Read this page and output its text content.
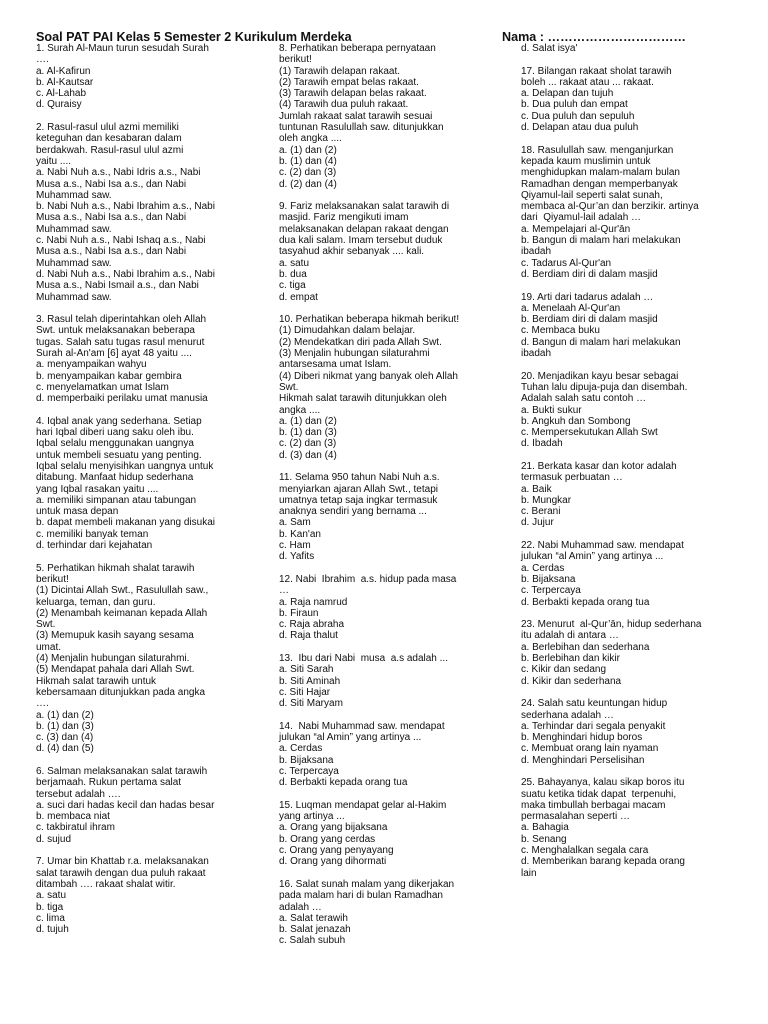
Soal PAT PAI Kelas 5 Semester 2 Kurikulum Merdeka	Nama : ……………………………
1. Surah Al-Maun turun sesudah Surah
….
a. Al-Kafirun
b. Al-Kautsar
c. Al-Lahab
d. Quraisy
2. Rasul-rasul ulul azmi memiliki
keteguhan dan kesabaran dalam
berdakwah. Rasul-rasul ulul azmi
yaitu ....
a. Nabi Nuh a.s., Nabi Idris a.s., Nabi
Musa a.s., Nabi Isa a.s., dan Nabi
Muhammad saw.
b. Nabi Nuh a.s., Nabi Ibrahim a.s., Nabi
Musa a.s., Nabi Isa a.s., dan Nabi
Muhammad saw.
c. Nabi Nuh a.s., Nabi Ishaq a.s., Nabi
Musa a.s., Nabi Isa a.s., dan Nabi
Muhammad saw.
d. Nabi Nuh a.s., Nabi Ibrahim a.s., Nabi
Musa a.s., Nabi Ismail a.s., dan Nabi
Muhammad saw.
3. Rasul telah diperintahkan oleh Allah
Swt. untuk melaksanakan beberapa
tugas. Salah satu tugas rasul menurut
Surah al-An'am [6] ayat 48 yaitu ....
a. menyampaikan wahyu
b. menyampaikan kabar gembira
c. menyelamatkan umat Islam
d. memperbaiki perilaku umat manusia
4. Iqbal anak yang sederhana. Setiap
hari Iqbal diberi uang saku oleh ibu.
Iqbal selalu menggunakan uangnya
untuk membeli sesuatu yang penting.
Iqbal selalu menyisihkan uangnya untuk
ditabung. Manfaat hidup sederhana
yang Iqbal rasakan yaitu ....
a. memiliki simpanan atau tabungan
untuk masa depan
b. dapat membeli makanan yang disukai
c. memiliki banyak teman
d. terhindar dari kejahatan
5. Perhatikan hikmah shalat tarawih
berikut!
(1) Dicintai Allah Swt., Rasulullah saw.,
keluarga, teman, dan guru.
(2) Menambah keimanan kepada Allah
Swt.
(3) Memupuk kasih sayang sesama
umat.
(4) Menjalin hubungan silaturahmi.
(5) Mendapat pahala dari Allah Swt.
Hikmah salat tarawih untuk
kebersamaan ditunjukkan pada angka
….
a. (1) dan (2)
b. (1) dan (3)
c. (3) dan (4)
d. (4) dan (5)
6. Salman melaksanakan salat tarawih
berjamaah. Rukun pertama salat
tersebut adalah ….
a. suci dari hadas kecil dan hadas besar
b. membaca niat
c. takbiratul ihram
d. sujud
7. Umar bin Khattab r.a. melaksanakan
salat tarawih dengan dua puluh rakaat
ditambah …. rakaat shalat witir.
a. satu
b. tiga
c. lima
d. tujuh
8. Perhatikan beberapa pernyataan
berikut!
(1) Tarawih delapan rakaat.
(2) Tarawih empat belas rakaat.
(3) Tarawih delapan belas rakaat.
(4) Tarawih dua puluh rakaat.
Jumlah rakaat salat tarawih sesuai
tuntunan Rasulullah saw. ditunjukkan
oleh angka ....
a. (1) dan (2)
b. (1) dan (4)
c. (2) dan (3)
d. (2) dan (4)
9. Fariz melaksanakan salat tarawih di
masjid. Fariz mengikuti imam
melaksanakan delapan rakaat dengan
dua kali salam. Imam tersebut duduk
tasyahud akhir sebanyak .... kali.
a. satu
b. dua
c. tiga
d. empat
10. Perhatikan beberapa hikmah berikut!
(1) Dimudahkan dalam belajar.
(2) Mendekatkan diri pada Allah Swt.
(3) Menjalin hubungan silaturahmi
antarsesama umat Islam.
(4) Diberi nikmat yang banyak oleh Allah
Swt.
Hikmah salat tarawih ditunjukkan oleh
angka ....
a. (1) dan (2)
b. (1) dan (3)
c. (2) dan (3)
d. (3) dan (4)
11. Selama 950 tahun Nabi Nuh a.s.
menyiarkan ajaran Allah Swt., tetapi
umatnya tetap saja ingkar termasuk
anaknya sendiri yang bernama ...
a. Sam
b. Kan'an
c. Ham
d. Yafits
12. Nabi  Ibrahim  a.s. hidup pada masa
…
a. Raja namrud
b. Firaun
c. Raja abraha
d. Raja thalut
13.  Ibu dari Nabi  musa  a.s adalah ...
a. Siti Sarah
b. Siti Aminah
c. Siti Hajar
d. Siti Maryam
14.  Nabi Muhammad saw. mendapat
julukan “al Amin” yang artinya ...
a. Cerdas
b. Bijaksana
c. Terpercaya
d. Berbakti kepada orang tua
15. Luqman mendapat gelar al-Hakim
yang artinya ...
a. Orang yang bijaksana
b. Orang yang cerdas
c. Orang yang penyayang
d. Orang yang dihormati
16. Salat sunah malam yang dikerjakan
pada malam hari di bulan Ramadhan
adalah …
a. Salat terawih
b. Salat jenazah
c. Salah subuh
d. Salat isya'
17. Bilangan rakaat sholat tarawih
boleh ... rakaat atau ... rakaat.
a. Delapan dan tujuh
b. Dua puluh dan empat
c. Dua puluh dan sepuluh
d. Delapan atau dua puluh
18. Rasulullah saw. menganjurkan
kepada kaum muslimin untuk
menghidupkan malam-malam bulan
Ramadhan dengan memperbanyak
Qiyamul-lail seperti salat sunah,
membaca al-Qur’an dan berzikir. artinya
dari  Qiyamul-lail adalah …
a. Mempelajari al-Qur'ān
b. Bangun di malam hari melakukan
ibadah
c. Tadarus Al-Qur'an
d. Berdiam diri di dalam masjid
19. Arti dari tadarus adalah …
a. Menelaah Al-Qur'an
b. Berdiam diri di dalam masjid
c. Membaca buku
d. Bangun di malam hari melakukan
ibadah
20. Menjadikan kayu besar sebagai
Tuhan lalu dipuja-puja dan disembah.
Adalah salah satu contoh …
a. Bukti sukur
b. Angkuh dan Sombong
c. Mempersekutukan Allah Swt
d. Ibadah
21. Berkata kasar dan kotor adalah
termasuk perbuatan …
a. Baik
b. Mungkar
c. Berani
d. Jujur
22. Nabi Muhammad saw. mendapat
julukan “al Amin” yang artinya ...
a. Cerdas
b. Bijaksana
c. Terpercaya
d. Berbakti kepada orang tua
23. Menurut  al-Qur’ān, hidup sederhana
itu adalah di antara …
a. Berlebihan dan sederhana
b. Berlebihan dan kikir
c. Kikir dan sedang
d. Kikir dan sederhana
24. Salah satu keuntungan hidup
sederhana adalah …
a. Terhindar dari segala penyakit
b. Menghindari hidup boros
c. Membuat orang lain nyaman
d. Menghindari Perselisihan
25. Bahayanya, kalau sikap boros itu
suatu ketika tidak dapat  terpenuhi,
maka timbullah berbagai macam
permasalahan seperti …
a. Bahagia
b. Senang
c. Menghalalkan segala cara
d. Memberikan barang kepada orang
lain
